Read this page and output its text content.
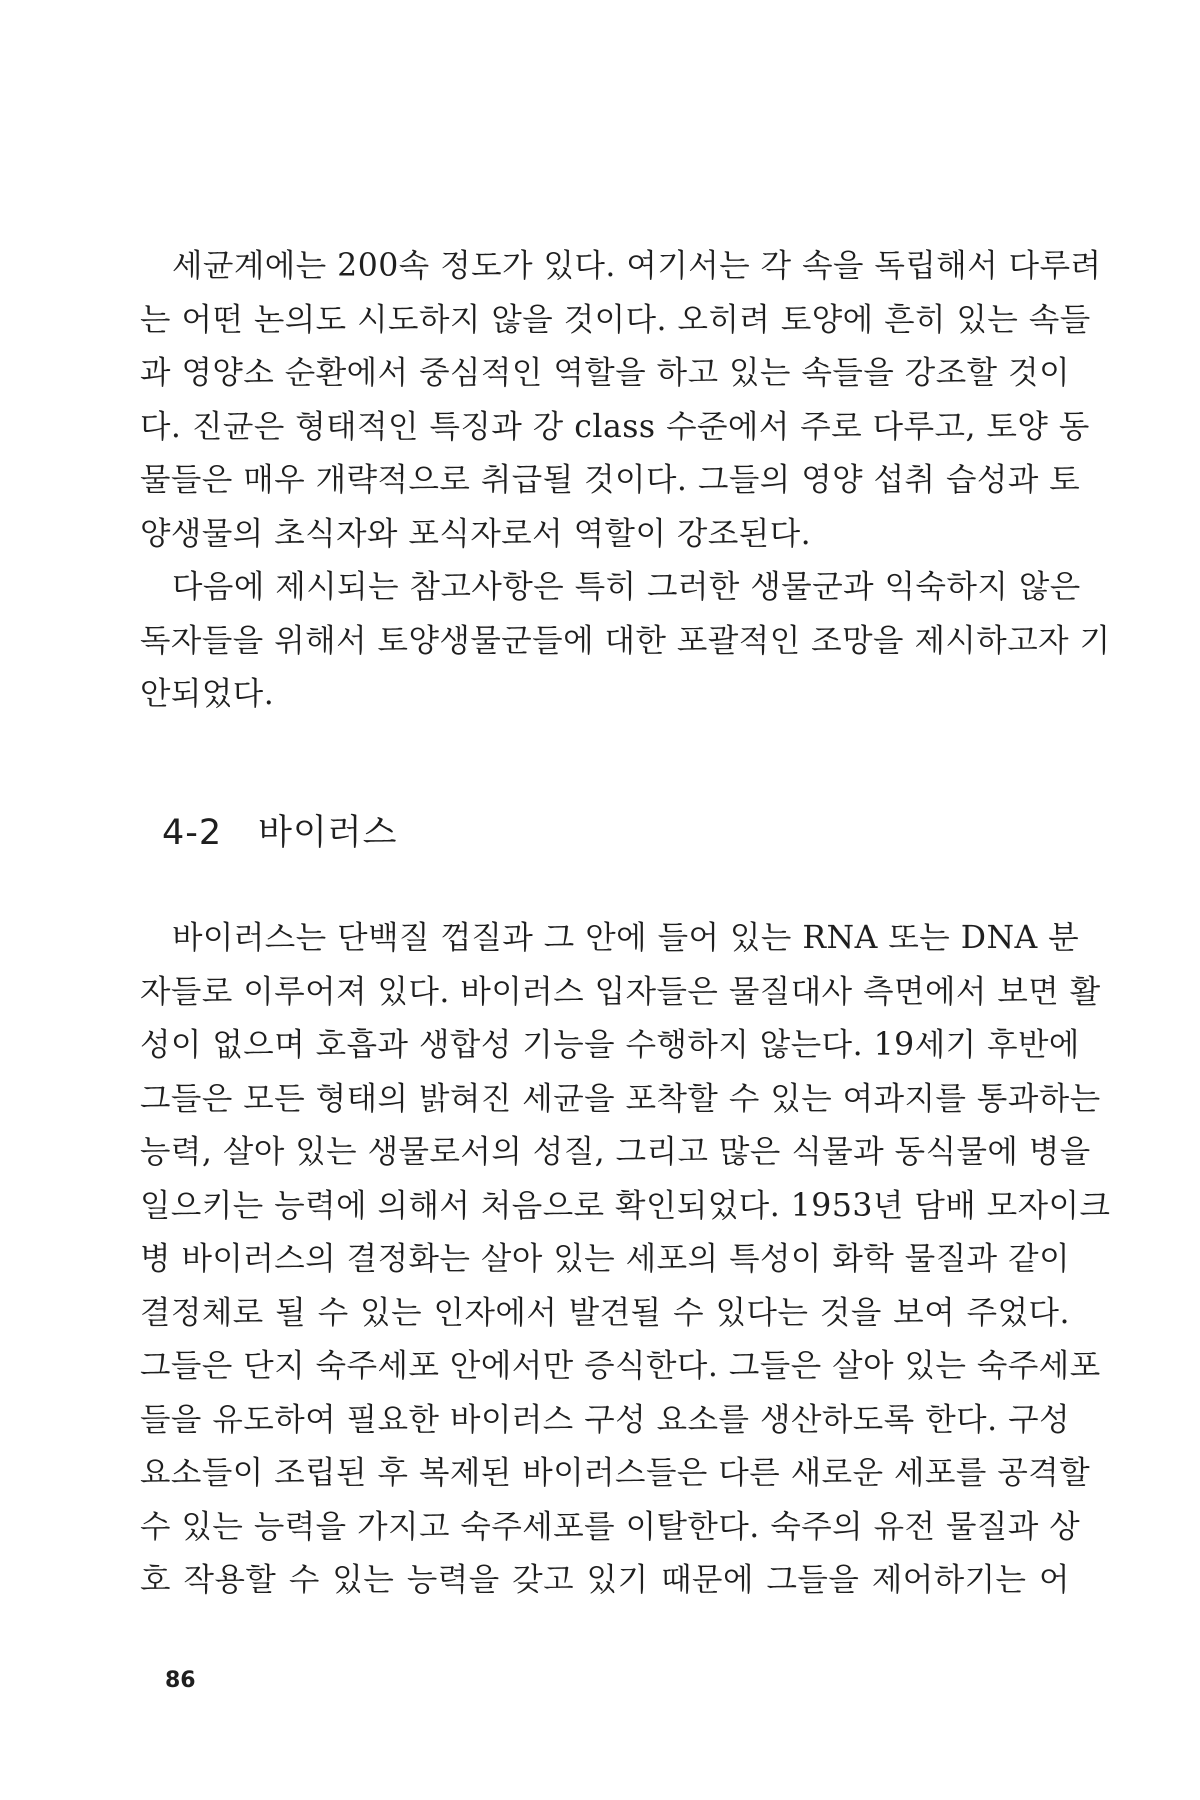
세균계에는 200속 정도가 있다. 여기서는 각 속을 독립해서 다루려
는 어떤 논의도 시도하지 않을 것이다. 오히려 토양에 흔히 있는 속들
과 영양소 순환에서 중심적인 역할을 하고 있는 속들을 강조할 것이
다. 진균은 형태적인 특징과 강 class 수준에서 주로 다루고, 토양 동
물들은 매우 개략적으로 취급될 것이다. 그들의 영양 섭취 습성과 토
양생물의 초식자와 포식자로서 역할이 강조된다.
다음에 제시되는 참고사항은 특히 그러한 생물군과 익숙하지 않은
독자들을 위해서 토양생물군들에 대한 포괄적인 조망을 제시하고자 기
안되었다.
4-2 바이러스
바이러스는 단백질 껍질과 그 안에 들어 있는 RNA 또는 DNA 분
자들로 이루어져 있다. 바이러스 입자들은 물질대사 측면에서 보면 활
성이 없으며 호흡과 생합성 기능을 수행하지 않는다. 19세기 후반에
그들은 모든 형태의 밝혀진 세균을 포착할 수 있는 여과지를 통과하는
능력, 살아 있는 생물로서의 성질, 그리고 많은 식물과 동식물에 병을
일으키는 능력에 의해서 처음으로 확인되었다. 1953년 담배 모자이크
병 바이러스의 결정화는 살아 있는 세포의 특성이 화학 물질과 같이
결정체로 될 수 있는 인자에서 발견될 수 있다는 것을 보여 주었다.
그들은 단지 숙주세포 안에서만 증식한다. 그들은 살아 있는 숙주세포
들을 유도하여 필요한 바이러스 구성 요소를 생산하도록 한다. 구성
요소들이 조립된 후 복제된 바이러스들은 다른 새로운 세포를 공격할
수 있는 능력을 가지고 숙주세포를 이탈한다. 숙주의 유전 물질과 상
호 작용할 수 있는 능력을 갖고 있기 때문에 그들을 제어하기는 어
86
